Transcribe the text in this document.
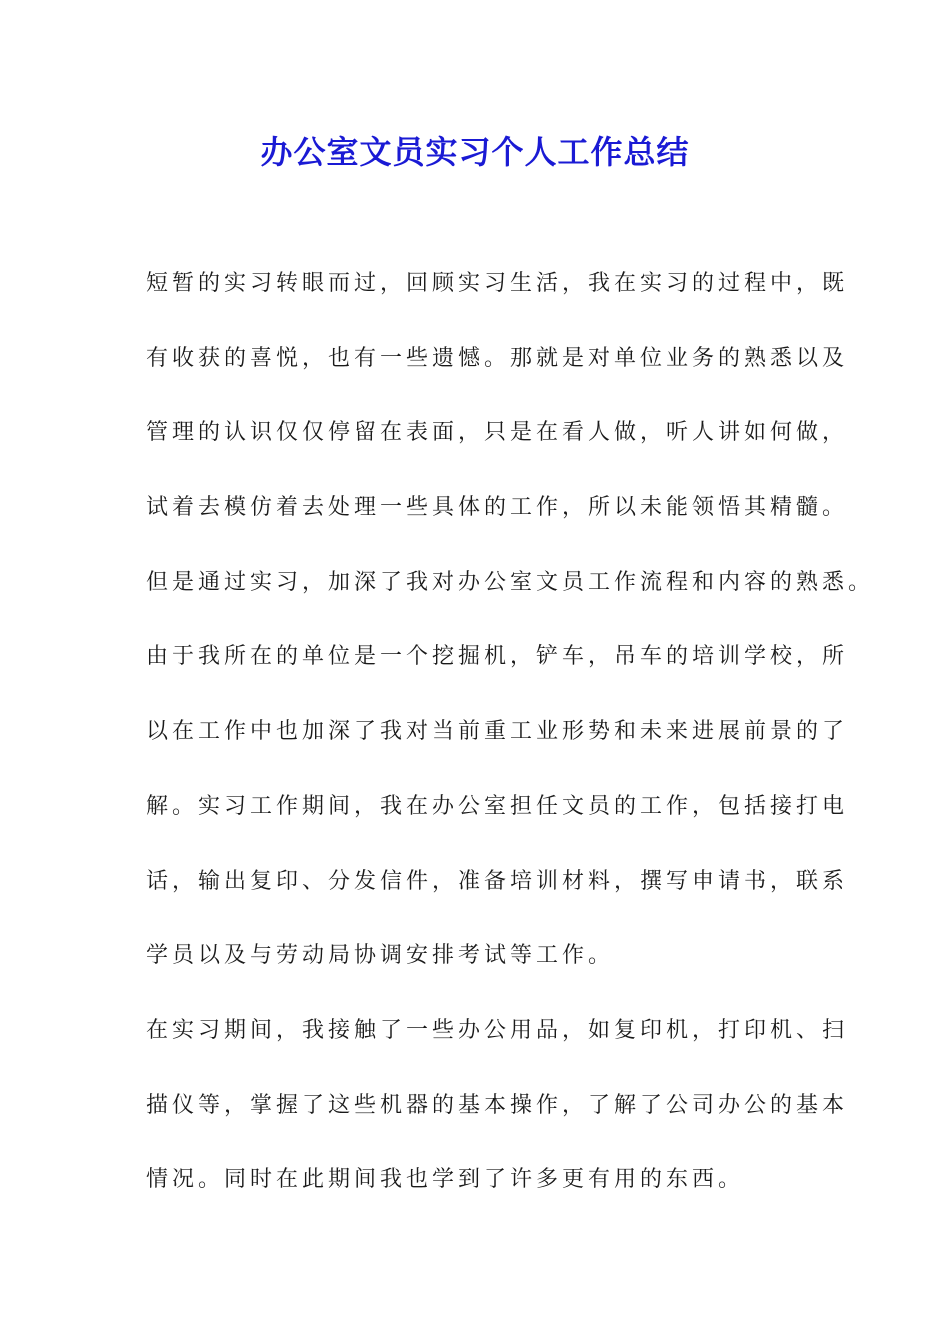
办公室文员实习个人工作总结
短暂的实习转眼而过，回顾实习生活，我在实习的过程中，既
有收获的喜悦，也有一些遗憾。那就是对单位业务的熟悉以及
管理的认识仅仅停留在表面，只是在看人做，听人讲如何做，
试着去模仿着去处理一些具体的工作，所以未能领悟其精髓。
但是通过实习，加深了我对办公室文员工作流程和内容的熟悉。
由于我所在的单位是一个挖掘机，铲车，吊车的培训学校，所
以在工作中也加深了我对当前重工业形势和未来进展前景的了
解。实习工作期间，我在办公室担任文员的工作，包括接打电
话，输出复印、分发信件，准备培训材料，撰写申请书，联系
学员以及与劳动局协调安排考试等工作。
在实习期间，我接触了一些办公用品，如复印机，打印机、扫
描仪等，掌握了这些机器的基本操作，了解了公司办公的基本
情况。同时在此期间我也学到了许多更有用的东西。
